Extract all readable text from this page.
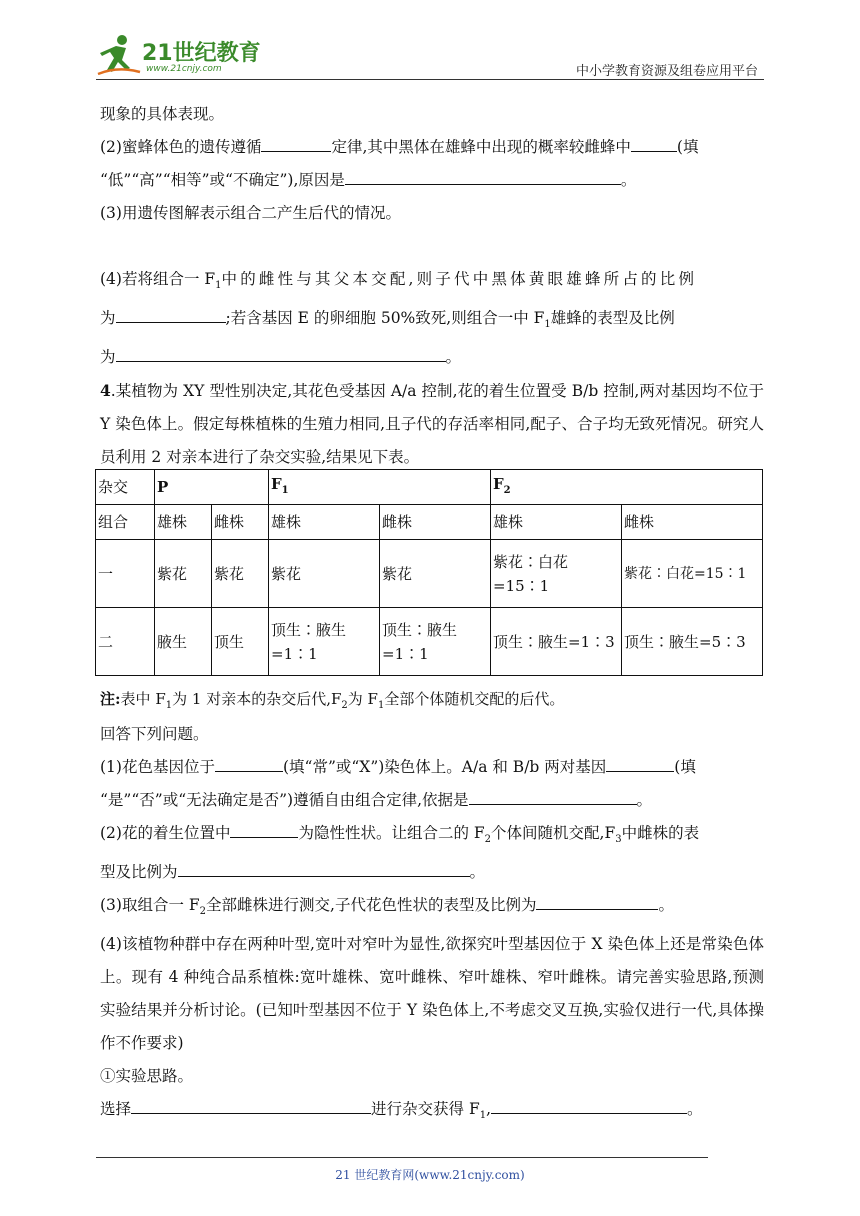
21世纪教育
www.21cnjy.com	中小学教育资源及组卷应用平台

现象的具体表现。

(2)蜜蜂体色的遗传遵循	定律,其中黑体在雄蜂中出现的概率较雌蜂中	(填
“低”“高”“相等”或“不确定”),原因是	。

(3)用遗传图解表示组合二产生后代的情况。

(4)若将组合一 $F_1$中的雌性与其父本交配,则子代中黑体黄眼雄蜂所占的比例
为	;若含基因 E 的卵细胞 50%致死,则组合一中 $F_1$雄蜂的表型及比例
为	。

4.某植物为 XY 型性别决定,其花色受基因 A/a 控制,花的着生位置受 B/b 控制,两对基因均不位于 Y 染色体上。假定每株植株的生殖力相同,且子代的存活率相同,配子、合子均无致死情况。研究人员利用 2 对亲本进行了杂交实验,结果见下表。

杂交	P		$F_1$		$F_2$
组合	雄株	雌株	雄株	雌株	雄株	雌株
一	紫花	紫花	紫花	紫花	紫花∶白花=15∶1	紫花∶白花=15∶1
二	腋生	顶生	顶生∶腋生=1∶1	顶生∶腋生=1∶1	顶生∶腋生=1∶3	顶生∶腋生=5∶3
注:表中 $F_1$为 1 对亲本的杂交后代$,F_2$为 $F_1$全部个体随机交配的后代。

回答下列问题。

(1)花色基因位于	(填“常”或“X”)染色体上。A/a 和 B/b 两对基因	(填
“是”“否”或“无法确定是否”)遵循自由组合定律,依据是	。

(2)花的着生位置中	为隐性性状。让组合二的 $F_2$个体间随机交配$,F_3$中雌株的表
型及比例为	。

(3)取组合一 $F_2$全部雌株进行测交,子代花色性状的表型及比例为	。

(4)该植物种群中存在两种叶型,宽叶对窄叶为显性,欲探究叶型基因位于 X 染色体上还是常染色体上。现有 4 种纯合品系植株:宽叶雄株、宽叶雌株、窄叶雄株、窄叶雌株。请完善实验思路,预测实验结果并分析讨论。(已知叶型基因不位于 Y 染色体上,不考虑交叉互换,实验仅进行一代,具体操作不作要求)

①实验思路。

选择	进行杂交获得 $F_1$,	。

21 世纪教育网(www.21cnjy.com)
